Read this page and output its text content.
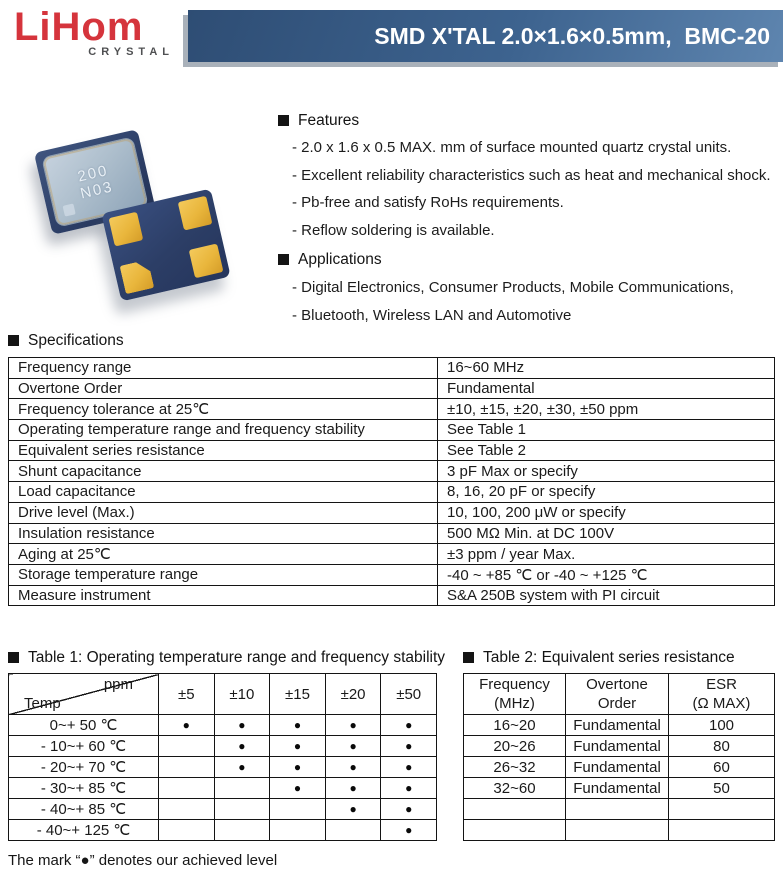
LiHom
CRYSTAL
SMD X'TAL 2.0×1.6×0.5mm,  BMC-20
200
N03
Features
- 2.0 x 1.6 x 0.5 MAX. mm of surface mounted quartz crystal units.
- Excellent reliability characteristics such as heat and mechanical shock.
- Pb-free and satisfy RoHs requirements.
- Reflow soldering is available.
Applications
- Digital Electronics, Consumer Products, Mobile Communications,
- Bluetooth, Wireless LAN and Automotive
Specifications
Frequency range	16~60 MHz
Overtone Order	Fundamental
Frequency tolerance at 25℃	±10, ±15, ±20, ±30, ±50 ppm
Operating temperature range and frequency stability	See Table 1
Equivalent series resistance	See Table 2
Shunt capacitance	3 pF Max or specify
Load capacitance	8, 16, 20 pF or specify
Drive level (Max.)	10, 100, 200 μW or specify
Insulation resistance	500 MΩ Min. at DC 100V
Aging at 25℃	±3 ppm / year Max.
Storage temperature range	-40 ~ +85 ℃ or -40 ~ +125 ℃
Measure instrument	S&A 250B system with PI circuit
Table 1: Operating temperature range and frequency stability
ppm
Temp	±5	±10	±15	±20	±50
0~+ 50 ℃	●	●	●	●	●
- 10~+ 60 ℃		●	●	●	●
- 20~+ 70 ℃		●	●	●	●
- 30~+ 85 ℃			●	●	●
- 40~+ 85 ℃				●	●
- 40~+ 125 ℃					●
Table 2: Equivalent series resistance
Frequency
(MHz)

Overtone
Order

ESR
(Ω MAX)

16~20	Fundamental	100
20~26	Fundamental	80
26~32	Fundamental	60
32~60	Fundamental	50

The mark “●” denotes our achieved level
